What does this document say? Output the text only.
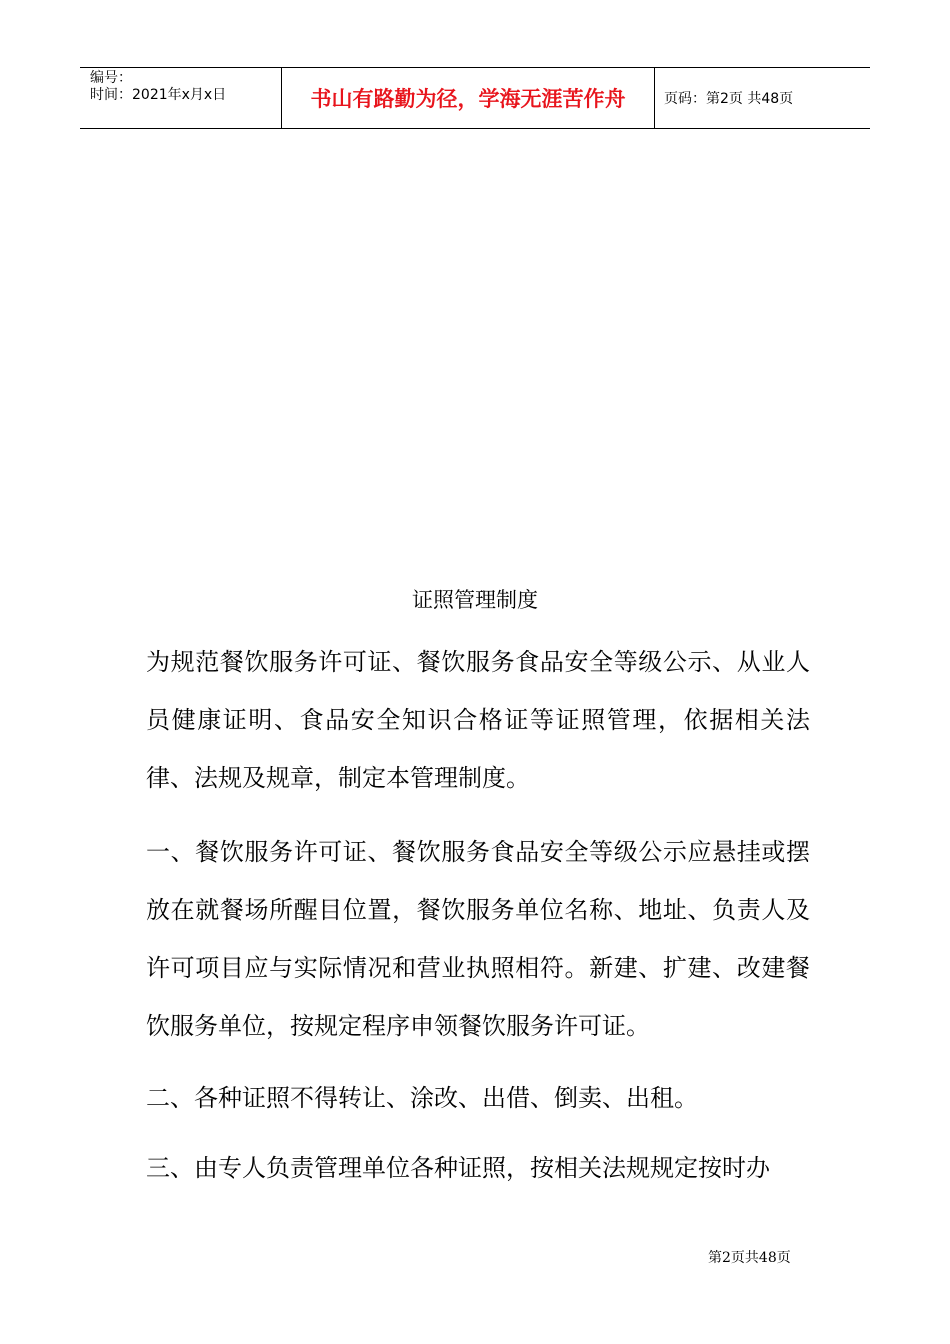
编号：
时间：2021年x月x日	书山有路勤为径，学海无涯苦作舟	页码：第2页 共48页
证照管理制度

为规范餐饮服务许可证、餐饮服务食品安全等级公示、从业人员健康证明、食品安全知识合格证等证照管理，依据相关法律、法规及规章，制定本管理制度。

一、餐饮服务许可证、餐饮服务食品安全等级公示应悬挂或摆放在就餐场所醒目位置，餐饮服务单位名称、地址、负责人及许可项目应与实际情况和营业执照相符。新建、扩建、改建餐饮服务单位，按规定程序申领餐饮服务许可证。

二、各种证照不得转让、涂改、出借、倒卖、出租。

三、由专人负责管理单位各种证照，按相关法规规定按时办

第2页共48页
